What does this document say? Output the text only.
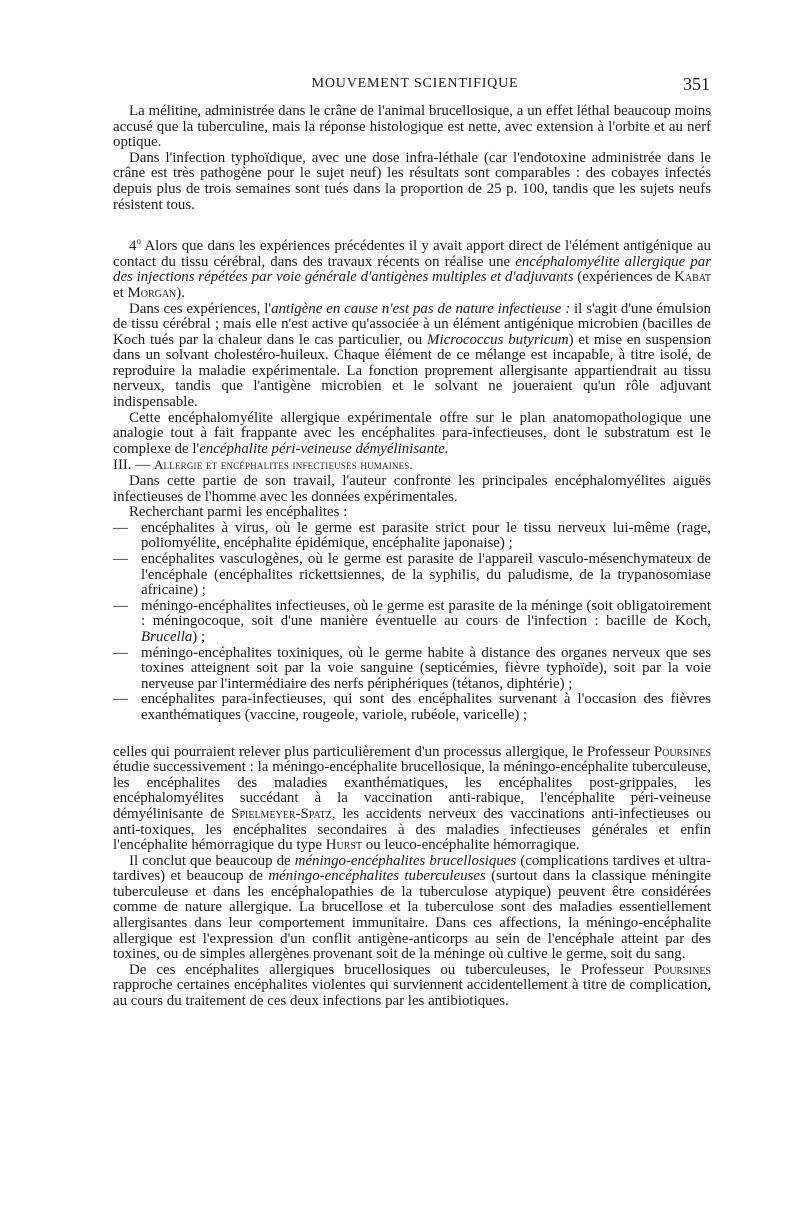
MOUVEMENT SCIENTIFIQUE	351

La mélitine, administrée dans le crâne de l'animal brucellosique, a un effet léthal beaucoup moins accusé que la tuberculine, mais la réponse histologique est nette, avec extension à l'orbite et au nerf optique.

Dans l'infection typhoïdique, avec une dose infra-léthale (car l'endotoxine administrée dans le crâne est très pathogène pour le sujet neuf) les résultats sont comparables : des cobayes infectés depuis plus de trois semaines sont tués dans la proportion de 25 p. 100, tandis que les sujets neufs résistent tous.

4$^o$ Alors que dans les expériences précédentes il y avait apport direct de l'élément antigénique au contact du tissu cérébral, dans des travaux récents on réalise une encéphalomyélite allergique par des injections répétées par voie générale d'antigènes multiples et d'adjuvants (expériences de Kabat et Morgan).

Dans ces expériences, l'antigène en cause n'est pas de nature infectieuse : il s'agit d'une émulsion de tissu cérébral ; mais elle n'est active qu'associée à un élément antigénique microbien (bacilles de Koch tués par la chaleur dans le cas particulier, ou Micrococcus butyricum) et mise en suspension dans un solvant cholestéro-huileux. Chaque élément de ce mélange est incapable, à titre isolé, de reproduire la maladie expérimentale. La fonction proprement allergisante appartiendrait au tissu nerveux, tandis que l'antigène microbien et le solvant ne joueraient qu'un rôle adjuvant indispensable.

Cette encéphalomyélite allergique expérimentale offre sur le plan anatomopathologique une analogie tout à fait frappante avec les encéphalites para-infectieuses, dont le substratum est le complexe de l'encéphalite péri-veineuse démyélinisante.

III. — Allergie et encéphalites infectieuses humaines.

Dans cette partie de son travail, l'auteur confronte les principales encéphalomyélites aiguës infectieuses de l'homme avec les données expérimentales.

Recherchant parmi les encéphalites :

— encéphalites à virus, où le germe est parasite strict pour le tissu nerveux lui-même (rage, poliomyélite, encéphalite épidémique, encéphalite japonaise) ;
— encéphalites vasculogènes, où le germe est parasite de l'appareil vasculo-mésenchymateux de l'encéphale (encéphalites rickettsiennes, de la syphilis, du paludisme, de la trypanosomiase africaine) ;
— méningo-encéphalites infectieuses, où le germe est parasite de la méninge (soit obligatoirement : méningocoque, soit d'une manière éventuelle au cours de l'infection : bacille de Koch, Brucella) ;
— méningo-encéphalites toxiniques, où le germe habite à distance des organes nerveux que ses toxines atteignent soit par la voie sanguine (septicémies, fièvre typhoïde), soit par la voie nerveuse par l'intermédiaire des nerfs périphériques (tétanos, diphtérie) ;
— encéphalites para-infectieuses, qui sont des encéphalites survenant à l'occasion des fièvres exanthématiques (vaccine, rougeole, variole, rubéole, varicelle) ;

celles qui pourraient relever plus particulièrement d'un processus allergique, le Professeur Poursines étudie successivement : la méningo-encéphalite brucellosique, la méningo-encéphalite tuberculeuse, les encéphalites des maladies exanthématiques, les encéphalites post-grippales, les encéphalomyélites succédant à la vaccination anti-rabique, l'encéphalite péri-veineuse démyélinisante de Spielmeyer-Spatz, les accidents nerveux des vaccinations anti-infectieuses ou anti-toxiques, les encéphalites secondaires à des maladies infectieuses générales et enfin l'encéphalite hémorragique du type Hurst ou leuco-encéphalite hémorragique.

Il conclut que beaucoup de méningo-encéphalites brucellosiques (complications tardives et ultra-tardives) et beaucoup de méningo-encéphalites tuberculeuses (surtout dans la classique méningite tuberculeuse et dans les encéphalopathies de la tuberculose atypique) peuvent être considérées comme de nature allergique. La brucellose et la tuberculose sont des maladies essentiellement allergisantes dans leur comportement immunitaire. Dans ces affections, la méningo-encéphalite allergique est l'expression d'un conflit antigène-anticorps au sein de l'encéphale atteint par des toxines, ou de simples allergènes provenant soit de la méninge où cultive le germe, soit du sang.

De ces encéphalites allergiques brucellosiques ou tuberculeuses, le Professeur Poursines rapproche certaines encéphalites violentes qui surviennent accidentellement à titre de complication, au cours du traitement de ces deux infections par les antibiotiques.
